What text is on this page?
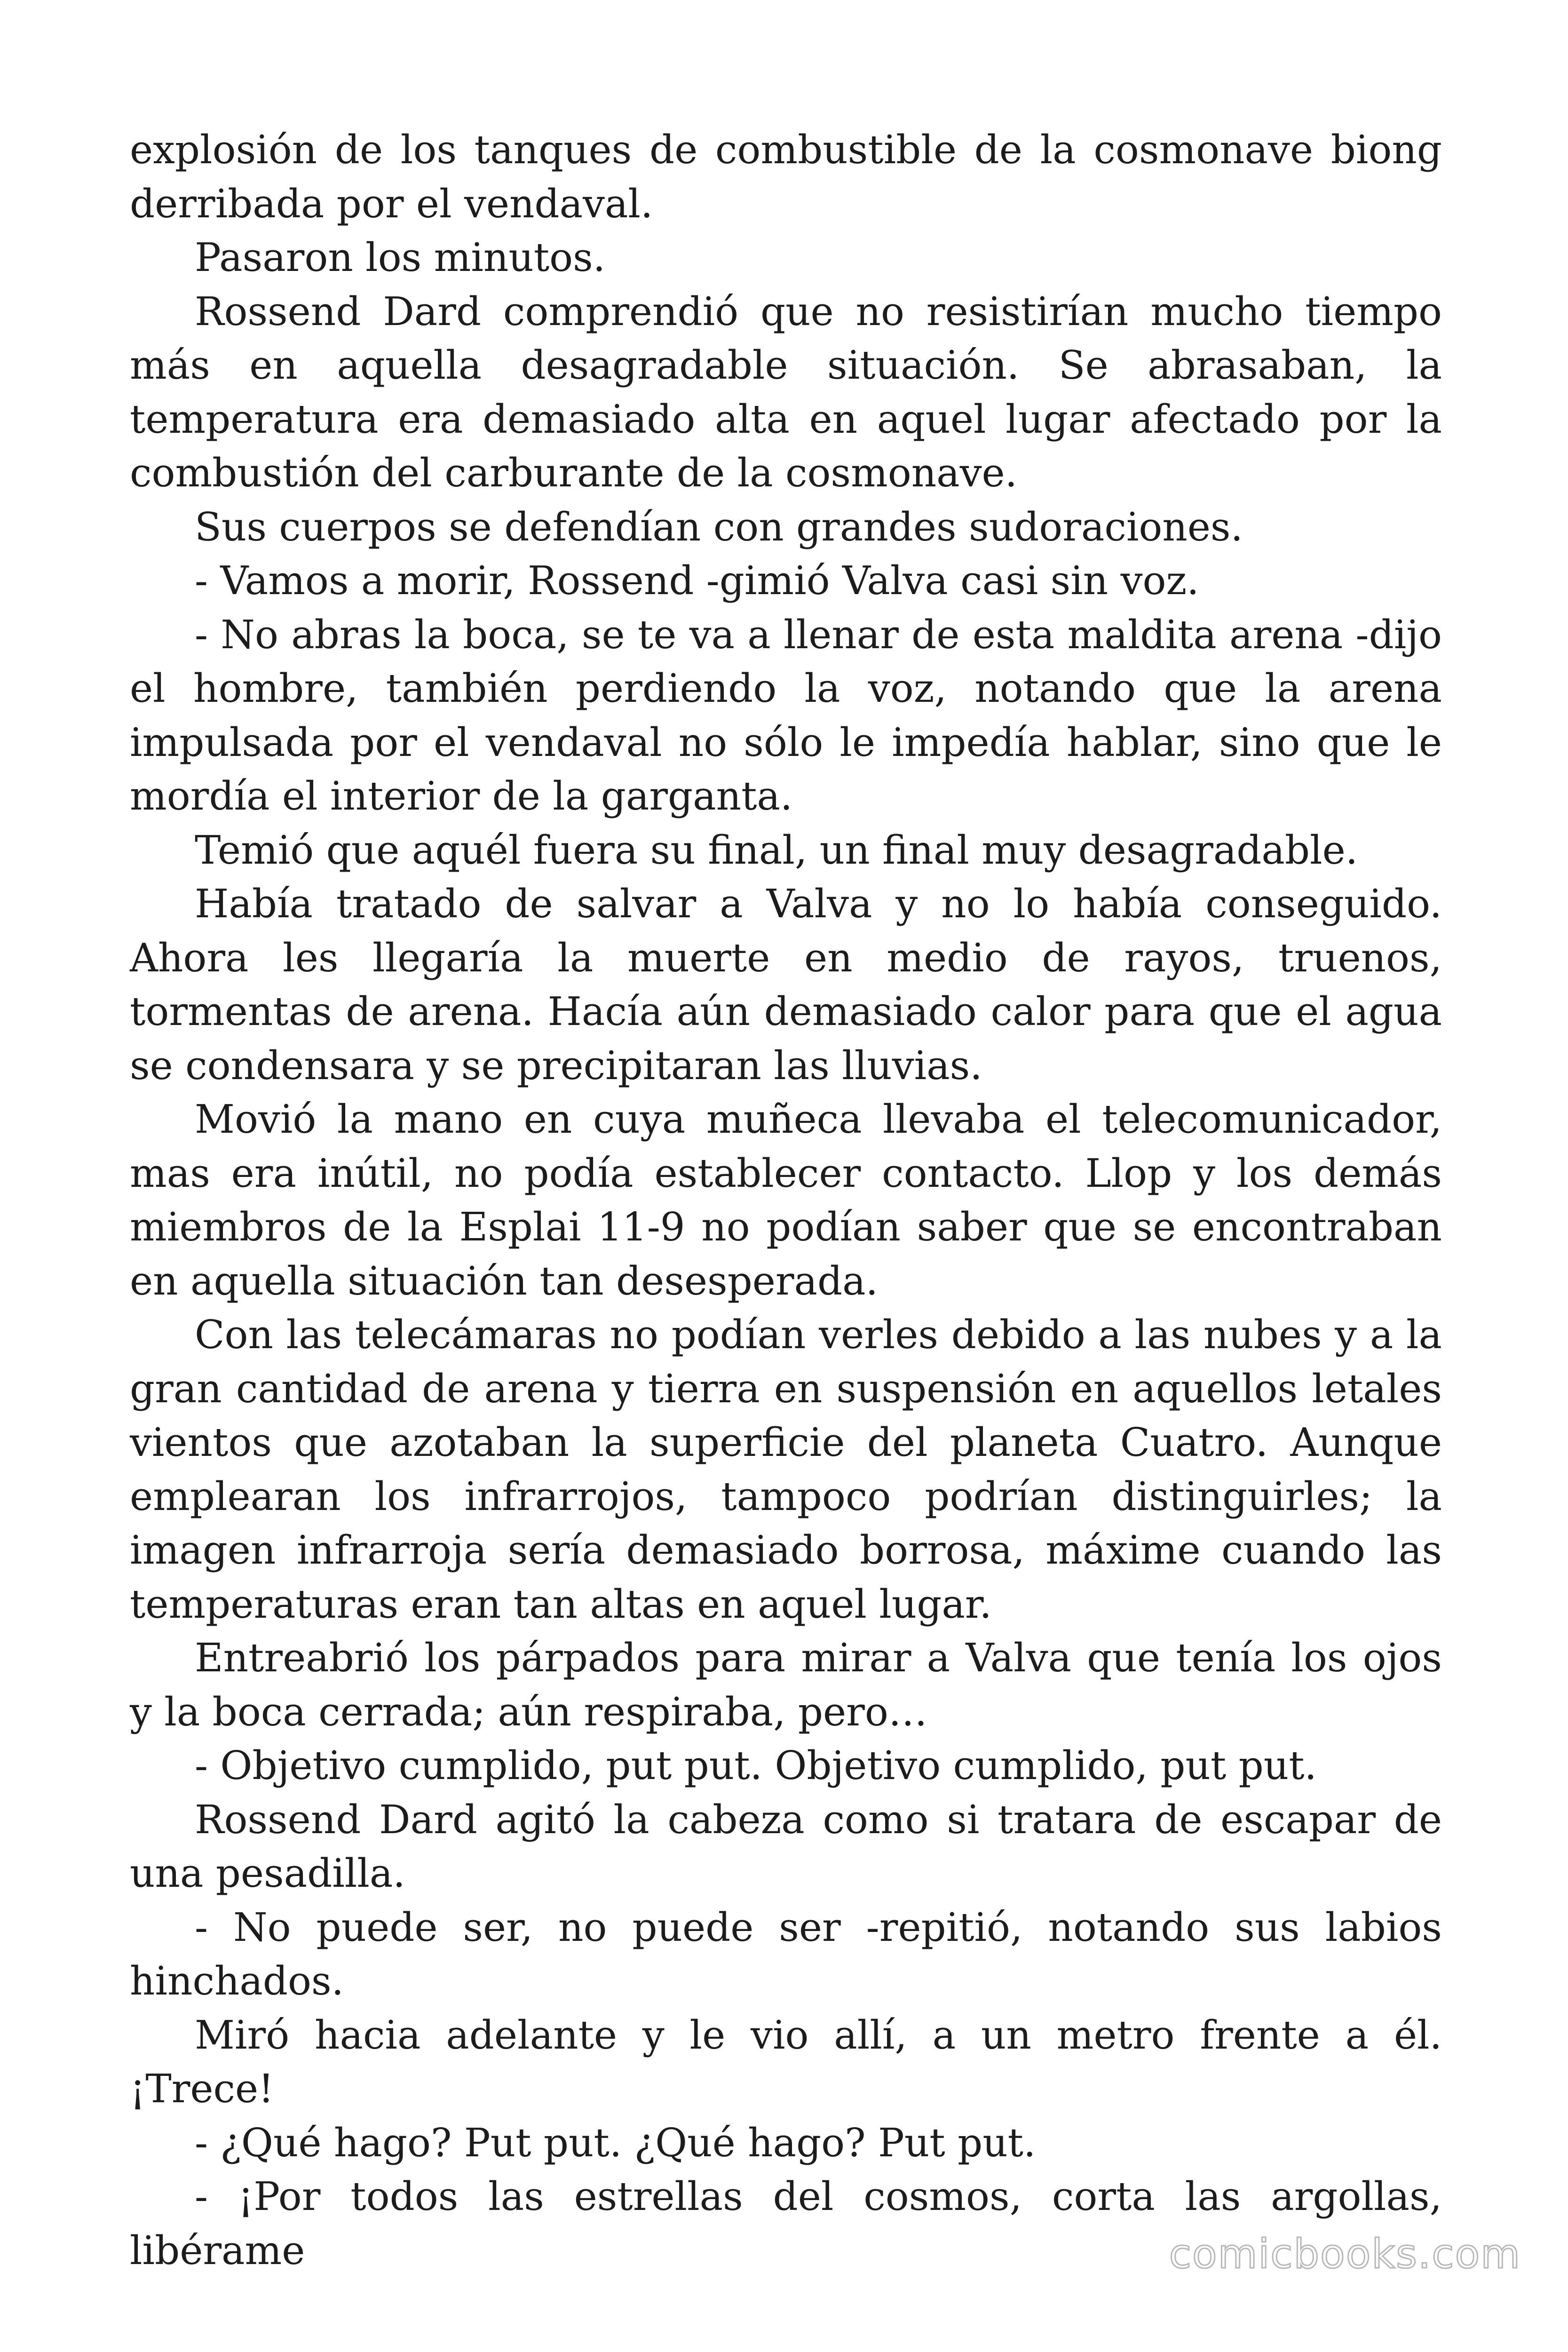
explosión de los tanques de combustible de la cosmonave biong derribada por el vendaval.

Pasaron los minutos.

Rossend Dard comprendió que no resistirían mucho tiempo más en aquella desagradable situación. Se abrasaban, la temperatura era demasiado alta en aquel lugar afectado por la combustión del carburante de la cosmonave.

Sus cuerpos se defendían con grandes sudoraciones.

- Vamos a morir, Rossend -gimió Valva casi sin voz.

- No abras la boca, se te va a llenar de esta maldita arena -dijo el hombre, también perdiendo la voz, notando que la arena impulsada por el vendaval no sólo le impedía hablar, sino que le mordía el interior de la garganta.

Temió que aquél fuera su final, un final muy desagradable.

Había tratado de salvar a Valva y no lo había conseguido. Ahora les llegaría la muerte en medio de rayos, truenos, tormentas de arena. Hacía aún demasiado calor para que el agua se condensara y se precipitaran las lluvias.

Movió la mano en cuya muñeca llevaba el telecomunicador, mas era inútil, no podía establecer contacto. Llop y los demás miembros de la Esplai 11-9 no podían saber que se encontraban en aquella situación tan desesperada.

Con las telecámaras no podían verles debido a las nubes y a la gran cantidad de arena y tierra en suspensión en aquellos letales vientos que azotaban la superficie del planeta Cuatro. Aunque emplearan los infrarrojos, tampoco podrían distinguirles; la imagen infrarroja sería demasiado borrosa, máxime cuando las temperaturas eran tan altas en aquel lugar.

Entreabrió los párpados para mirar a Valva que tenía los ojos y la boca cerrada; aún respiraba, pero…

- Objetivo cumplido, put put. Objetivo cumplido, put put.

Rossend Dard agitó la cabeza como si tratara de escapar de una pesadilla.

- No puede ser, no puede ser -repitió, notando sus labios hinchados.

Miró hacia adelante y le vio allí, a un metro frente a él. ¡Trece!

- ¿Qué hago? Put put. ¿Qué hago? Put put.

- ¡Por todos las estrellas del cosmos, corta las argollas, libérame	comicbooks.com
